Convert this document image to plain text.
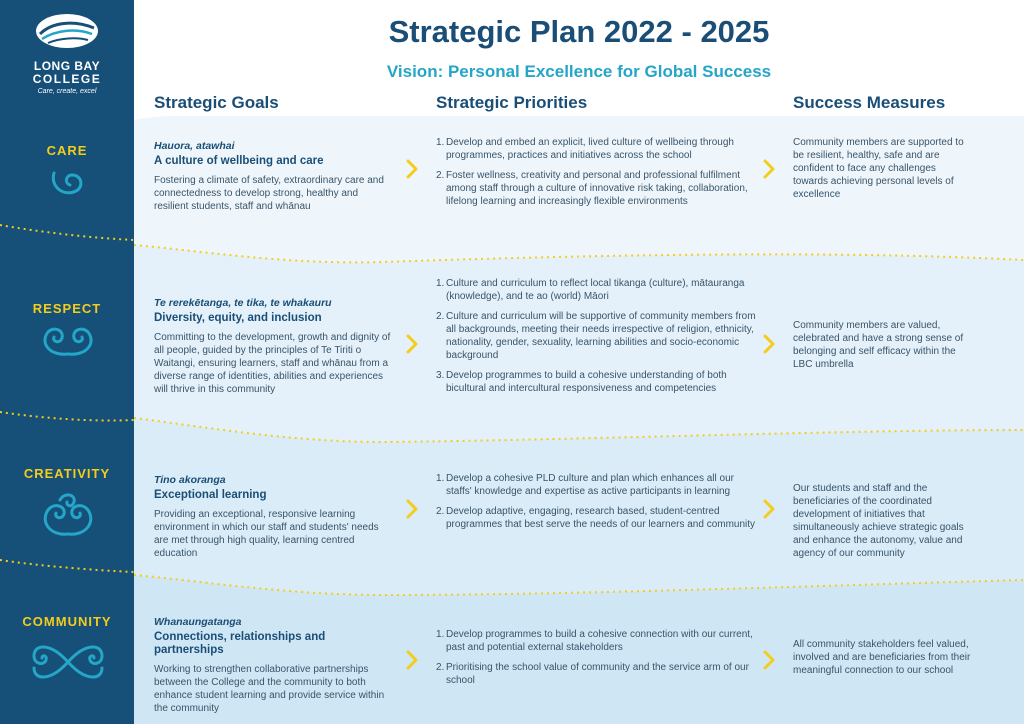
LONG BAY
COLLEGE
Care, create, excel
CARE
RESPECT
CREATIVITY
COMMUNITY
Strategic Plan 2022 - 2025
Vision: Personal Excellence for Global Success
Strategic Goals	Strategic Priorities	Success Measures
Hauora, atawhai
A culture of wellbeing and care
Fostering a climate of safety, extraordinary care and connectedness to develop strong, healthy and resilient students, staff and whānau
1. Develop and embed an explicit, lived culture of wellbeing through programmes, practices and initiatives across the school
2. Foster wellness, creativity and personal and professional fulfilment among staff through a culture of innovative risk taking, collaboration, lifelong learning and increasingly flexible environments
Community members are supported to be resilient, healthy, safe and are confident to face any challenges towards achieving personal levels of excellence
Te rerekētanga, te tika, te whakauru
Diversity, equity, and inclusion
Committing to the development, growth and dignity of all people, guided by the principles of Te Tiriti o Waitangi, ensuring learners, staff and whānau from a diverse range of identities, abilities and experiences will thrive in this community
1. Culture and curriculum to reflect local tikanga (culture), mātauranga (knowledge), and te ao (world) Māori
2. Culture and curriculum will be supportive of community members from all backgrounds, meeting their needs irrespective of religion, ethnicity, nationality, gender, sexuality, learning abilities and socio-economic background
3. Develop programmes to build a cohesive understanding of both bicultural and intercultural responsiveness and competencies
Community members are valued, celebrated and have a strong sense of belonging and self efficacy within the LBC umbrella
Tino akoranga
Exceptional learning
Providing an exceptional, responsive learning environment in which our staff and students' needs are met through high quality, learning centred education
1. Develop a cohesive PLD culture and plan which enhances all our staffs' knowledge and expertise as active participants in learning
2. Develop adaptive, engaging, research based, student-centred programmes that best serve the needs of our learners and community
Our students and staff and the beneficiaries of the coordinated development of initiatives that simultaneously achieve strategic goals and enhance the autonomy, value and agency of our community
Whanaungatanga
Connections, relationships and partnerships
Working to strengthen collaborative partnerships between the College and the community to both enhance student learning and provide service within the community
1. Develop programmes to build a cohesive connection with our current, past and potential external stakeholders
2. Prioritising the school value of community and the service arm of our school
All community stakeholders feel valued, involved and are beneficiaries from their meaningful connection to our school
